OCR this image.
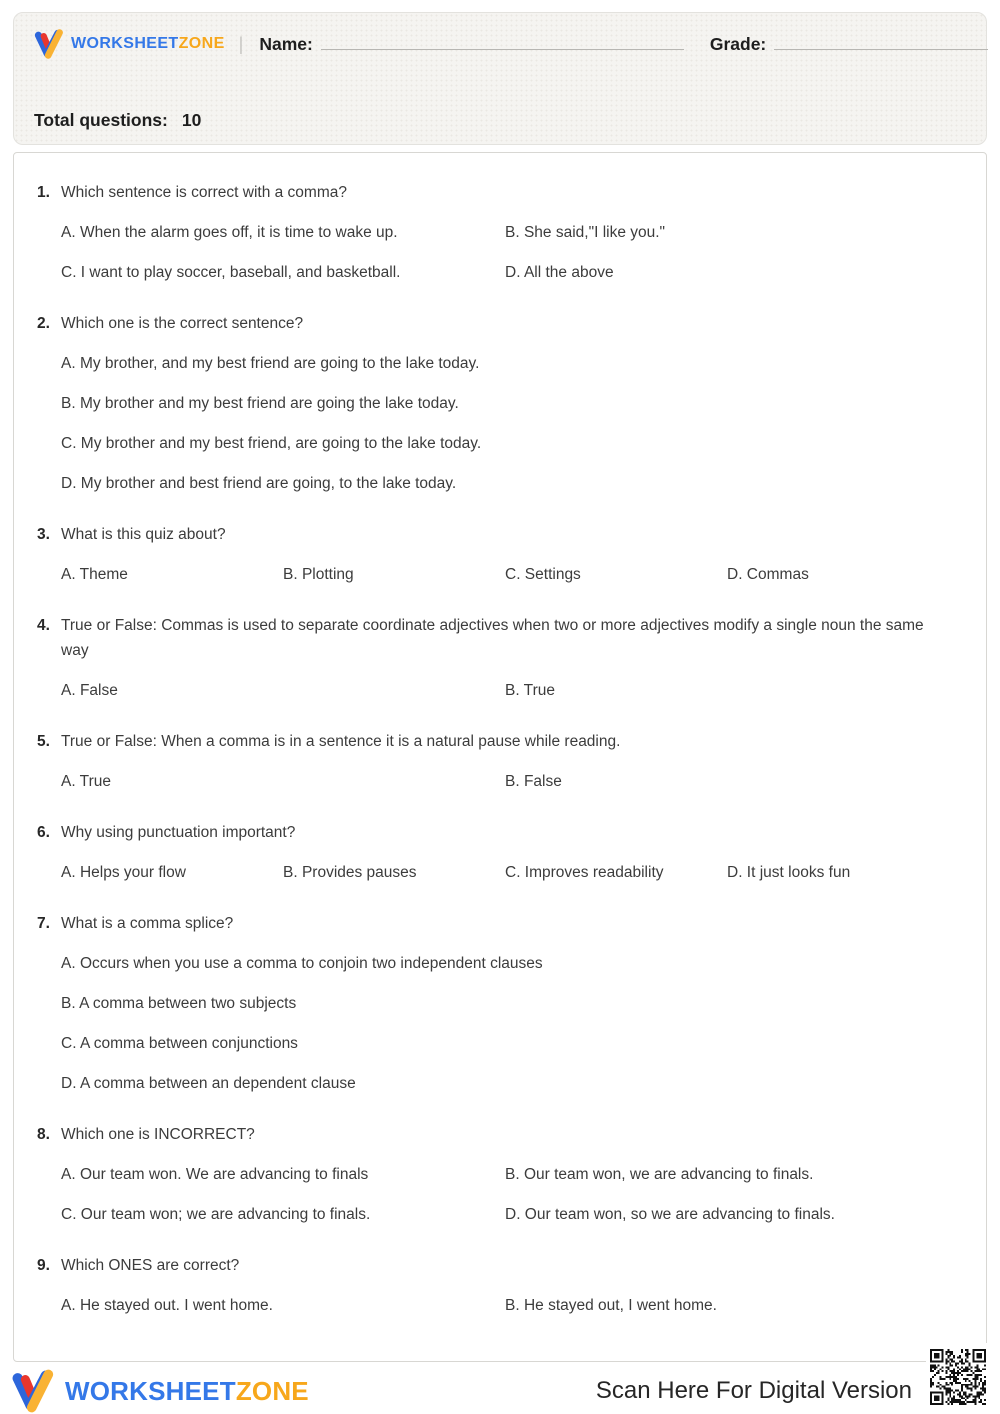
WORKSHEETZONE | Name:	Grade:
Total questions: 10
1. Which sentence is correct with a comma?
A. When the alarm goes off, it is time to wake up.	B. She said,"I like you."
C. I want to play soccer, baseball, and basketball.	D. All the above
2. Which one is the correct sentence?
A. My brother, and my best friend are going to the lake today.
B. My brother and my best friend are going the lake today.
C. My brother and my best friend, are going to the lake today.
D. My brother and best friend are going, to the lake today.
3. What is this quiz about?
A. Theme	B. Plotting	C. Settings	D. Commas
4. True or False: Commas is used to separate coordinate adjectives when two or more adjectives modify a single noun the same way
A. False	B. True
5. True or False: When a comma is in a sentence it is a natural pause while reading.
A. True	B. False
6. Why using punctuation important?
A. Helps your flow	B. Provides pauses	C. Improves readability	D. It just looks fun
7. What is a comma splice?
A. Occurs when you use a comma to conjoin two independent clauses
B. A comma between two subjects
C. A comma between conjunctions
D. A comma between an dependent clause
8. Which one is INCORRECT?
A. Our team won. We are advancing to finals	B. Our team won, we are advancing to finals.
C. Our team won; we are advancing to finals.	D. Our team won, so we are advancing to finals.
9. Which ONES are correct?
A. He stayed out. I went home.	B. He stayed out, I went home.
WORKSHEETZONE	Scan Here For Digital Version
